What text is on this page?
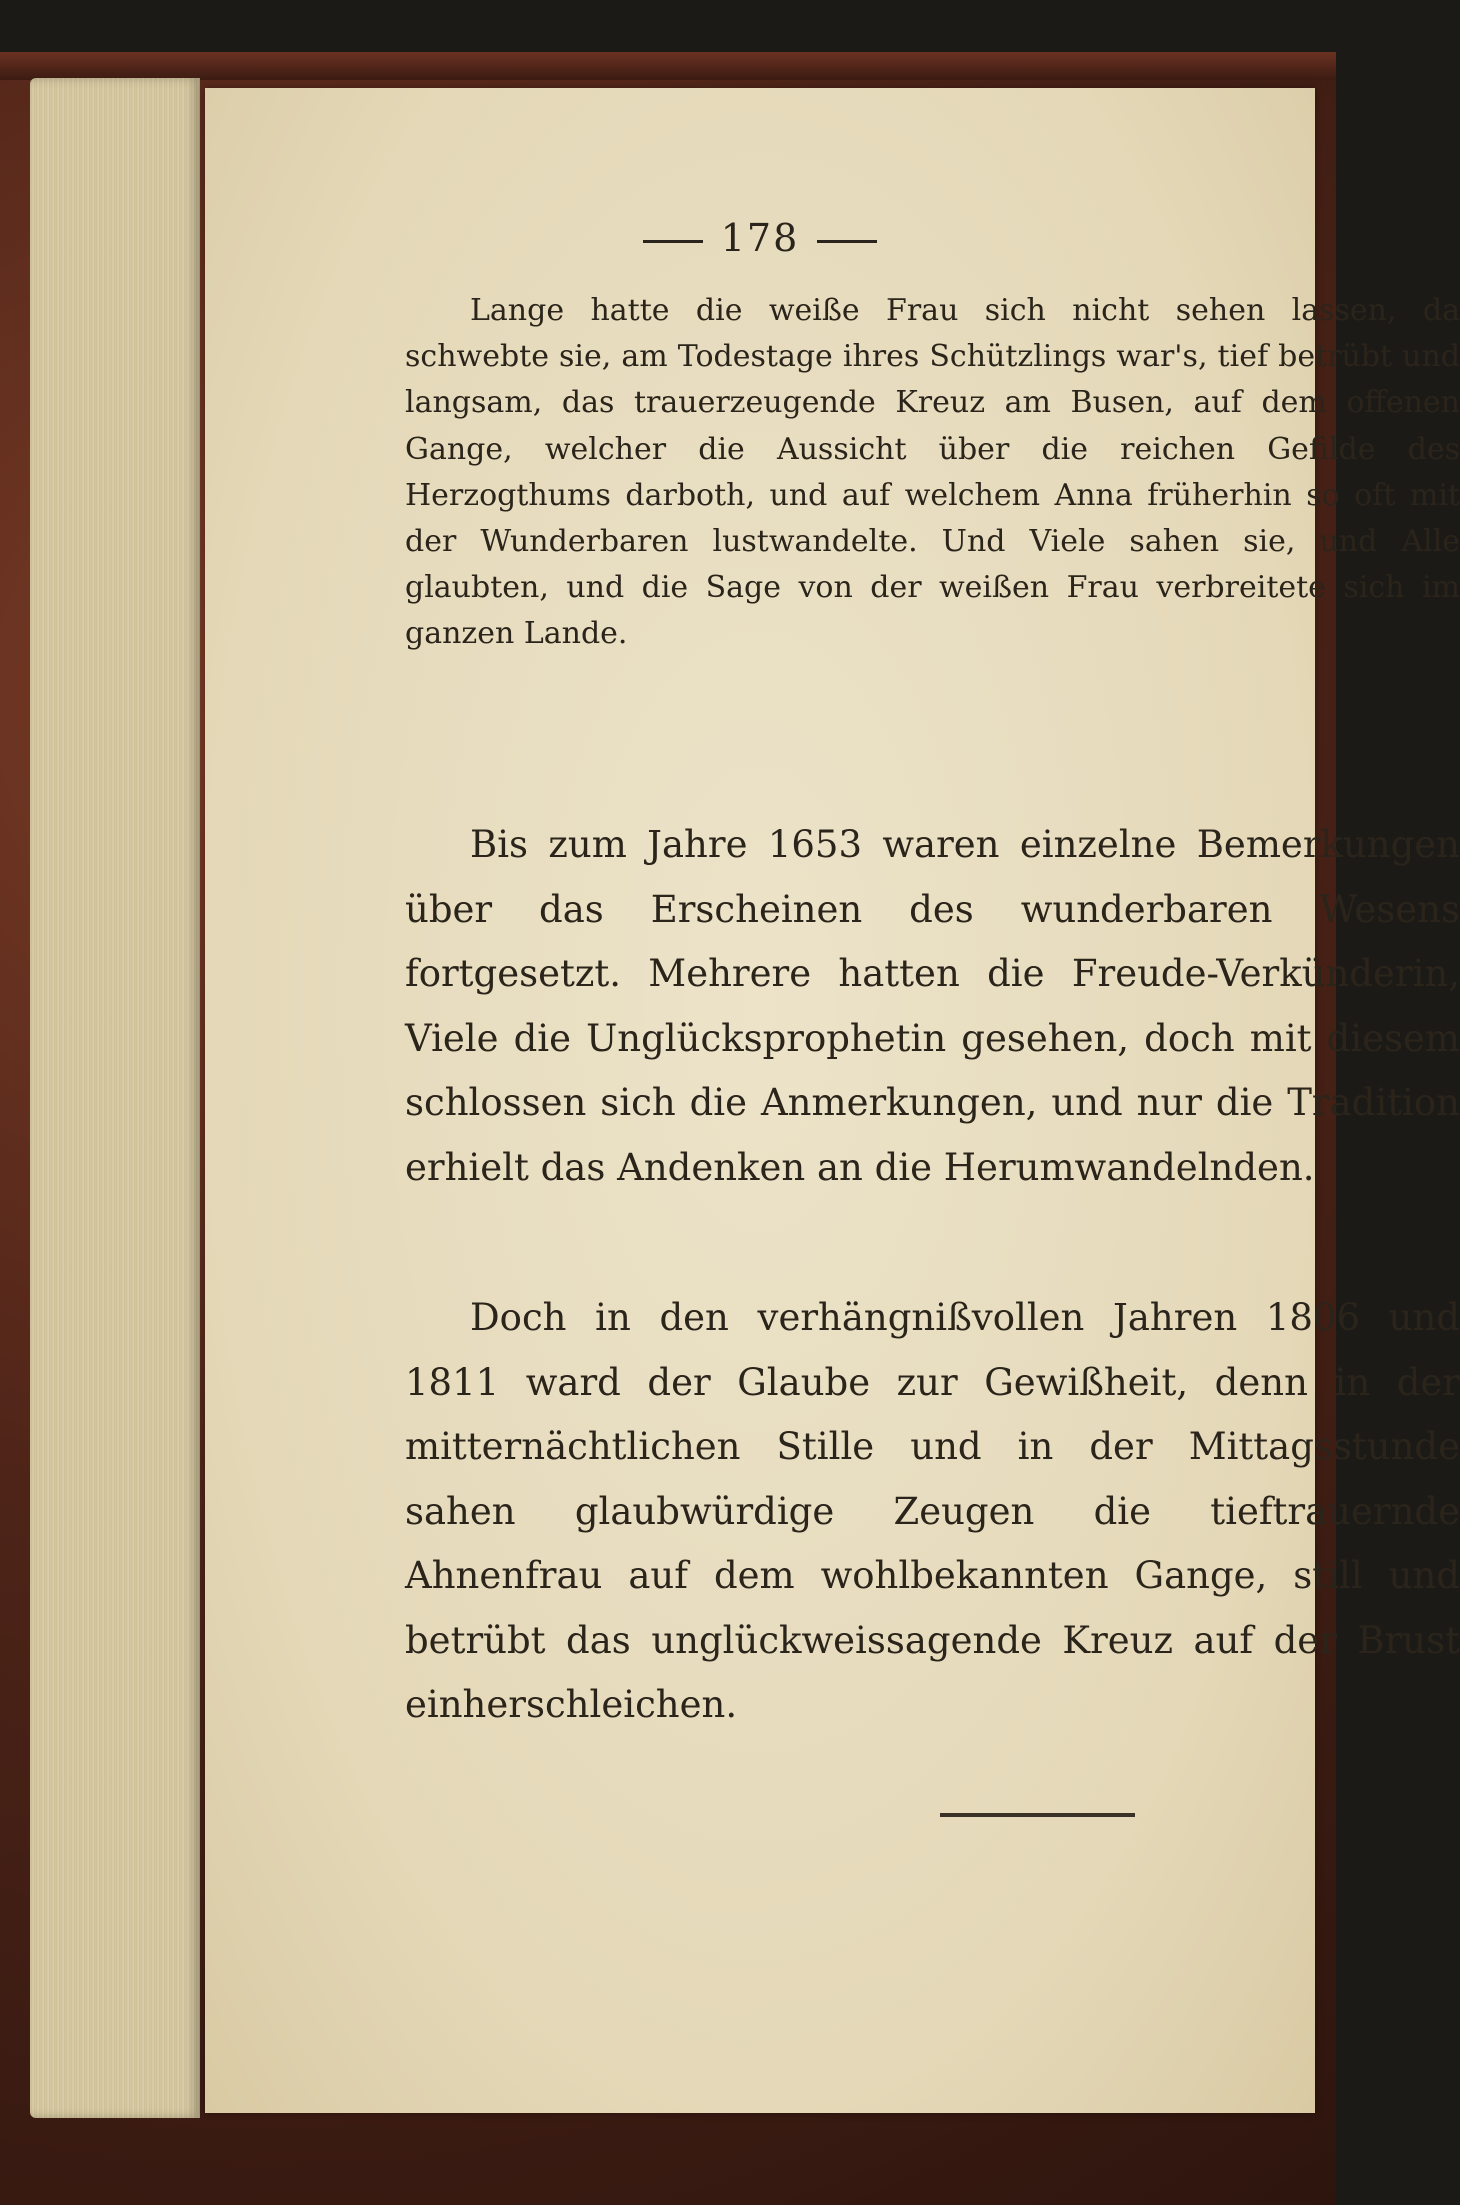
178

Lange hatte die weiße Frau sich nicht sehen lassen, da schwebte sie, am Todestage ihres Schützlings war's, tief betrübt und langsam, das trauerzeugende Kreuz am Busen, auf dem offenen Gange, welcher die Aussicht über die reichen Gefilde des Herzogthums darboth, und auf welchem Anna früherhin so oft mit der Wunderbaren lustwandelte. Und Viele sahen sie, und Alle glaubten, und die Sage von der weißen Frau verbreitete sich im ganzen Lande.

Bis zum Jahre 1653 waren einzelne Bemerkungen über das Erscheinen des wunderbaren Wesens fortgesetzt. Mehrere hatten die Freude-Verkünderin, Viele die Unglücksprophetin gesehen, doch mit diesem schlossen sich die Anmerkungen, und nur die Tradition erhielt das Andenken an die Herumwandelnden.

Doch in den verhängnißvollen Jahren 1806 und 1811 ward der Glaube zur Gewißheit, denn in der mitternächtlichen Stille und in der Mittagsstunde sahen glaubwürdige Zeugen die tieftrauernde Ahnenfrau auf dem wohlbekannten Gange, still und betrübt das unglückweissagende Kreuz auf der Brust einherschleichen.
